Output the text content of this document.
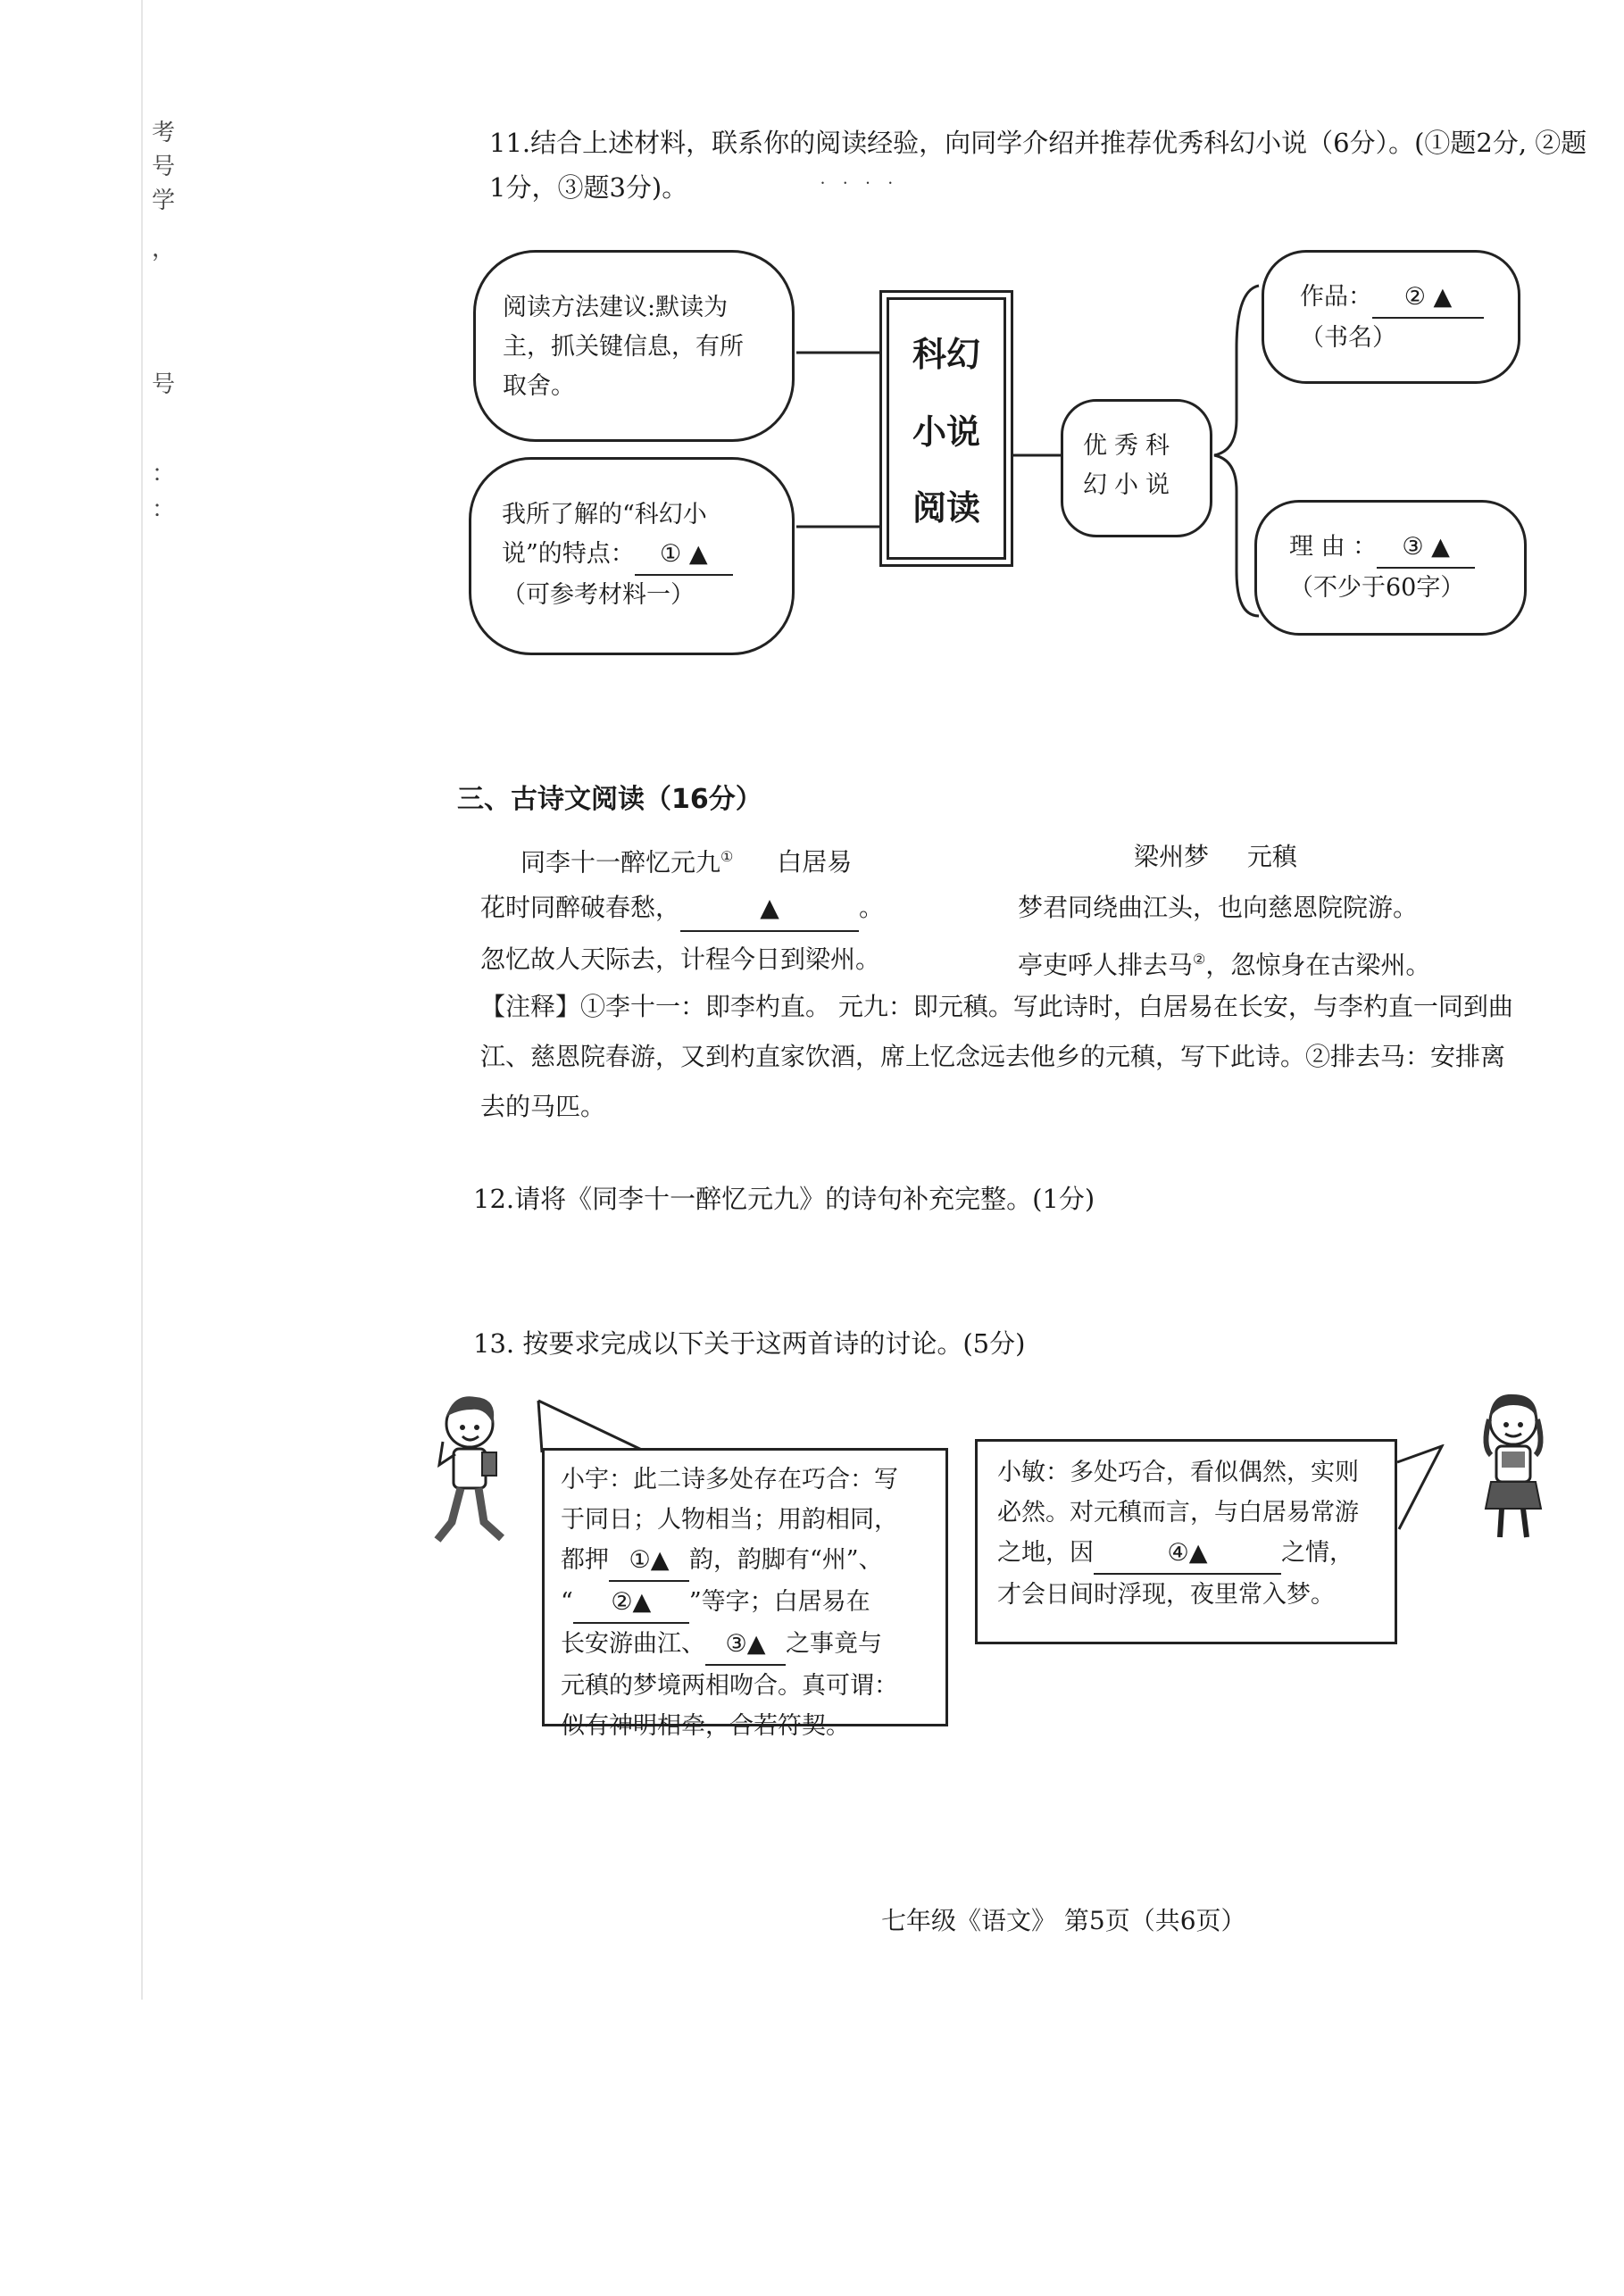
考
号
学
，
号
：
：
11.结合上述材料，联系你的阅读经验 • • • •，向同学介绍并推荐优秀科幻小说（6分）。(①题2分, ②题
1分，③题3分)。
阅读方法建议:默读为主，抓关键信息，有所取舍。
我所了解的“科幻小
说”的特点： ① ▲
（可参考材料一）
科幻
小说
阅读
优秀科幻小说
作品： ② ▲
（书名）
理 由 ： ③ ▲
（不少于60字）
三、古诗文阅读（16分）
同李十一醉忆元九① 白居易	梁州梦 元稹
花时同醉破春愁，	▲	。
忽忆故人天际去，计程今日到梁州。
梦君同绕曲江头，也向慈恩院院游。
亭吏呼人排去马②，忽惊身在古梁州。
【注释】①李十一：即李杓直。 元九：即元稹。写此诗时，白居易在长安，与李杓直一同到曲
江、慈恩院春游，又到杓直家饮酒，席上忆念远去他乡的元稹，写下此诗。②排去马：安排离
去的马匹。
12.请将《同李十一醉忆元九》的诗句补充完整。(1分)
13. 按要求完成以下关于这两首诗的讨论。(5分)
小宇：此二诗多处存在巧合：写
于同日；人物相当；用韵相同，
都押 ①▲ 韵，韵脚有“州”、
“ ②▲ ”等字；白居易在
长安游曲江、 ③▲ 之事竟与
元稹的梦境两相吻合。真可谓：
似有神明相牵，合若符契。
小敏：多处巧合，看似偶然，实则
必然。对元稹而言，与白居易常游
之地，因	④▲	之情，
才会日间时浮现，夜里常入梦。
七年级《语文》 第5页（共6页）
